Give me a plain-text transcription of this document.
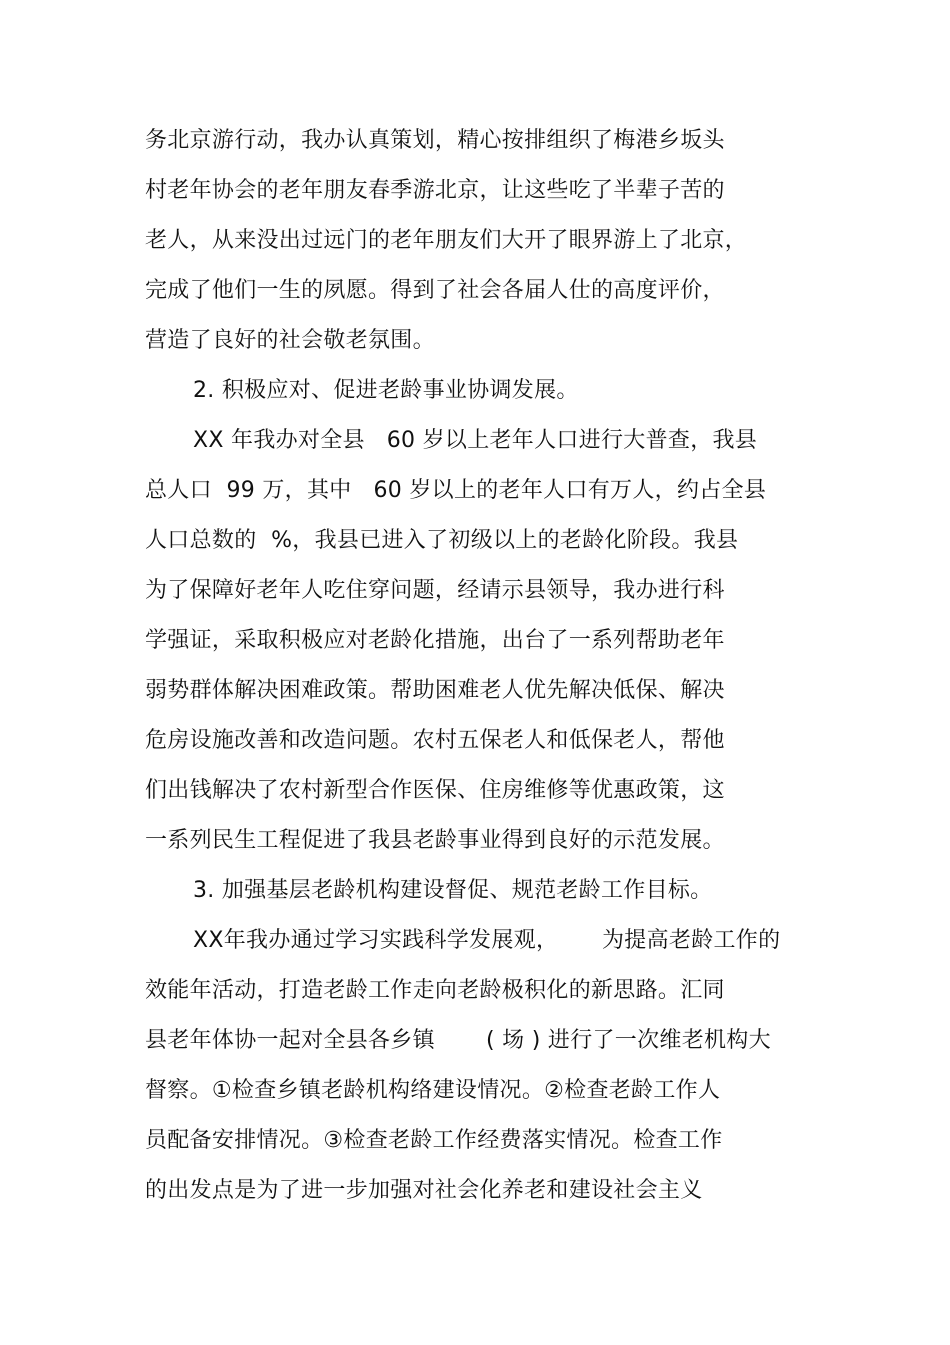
务北京游行动，我办认真策划，精心按排组织了梅港乡坂头
村老年协会的老年朋友春季游北京，让这些吃了半辈子苦的
老人，从来没出过远门的老年朋友们大开了眼界游上了北京，
完成了他们一生的夙愿。得到了社会各届人仕的高度评价，
营造了良好的社会敬老氛围。
2. 积极应对、促进老龄事业协调发展。
XX 年我办对全县   60 岁以上老年人口进行大普查，我县
总人口  99 万，其中   60 岁以上的老年人口有万人，约占全县
人口总数的  %，我县已进入了初级以上的老龄化阶段。我县
为了保障好老年人吃住穿问题，经请示县领导，我办进行科
学强证，采取积极应对老龄化措施，出台了一系列帮助老年
弱势群体解决困难政策。帮助困难老人优先解决低保、解决
危房设施改善和改造问题。农村五保老人和低保老人，帮他
们出钱解决了农村新型合作医保、住房维修等优惠政策，这
一系列民生工程促进了我县老龄事业得到良好的示范发展。
3. 加强基层老龄机构建设督促、规范老龄工作目标。
XX年我办通过学习实践科学发展观，      为提高老龄工作的
效能年活动，打造老龄工作走向老龄极积化的新思路。汇同
县老年体协一起对全县各乡镇       ( 场 ) 进行了一次维老机构大
督察。①检查乡镇老龄机构络建设情况。②检查老龄工作人
员配备安排情况。③检查老龄工作经费落实情况。检查工作
的出发点是为了进一步加强对社会化养老和建设社会主义
